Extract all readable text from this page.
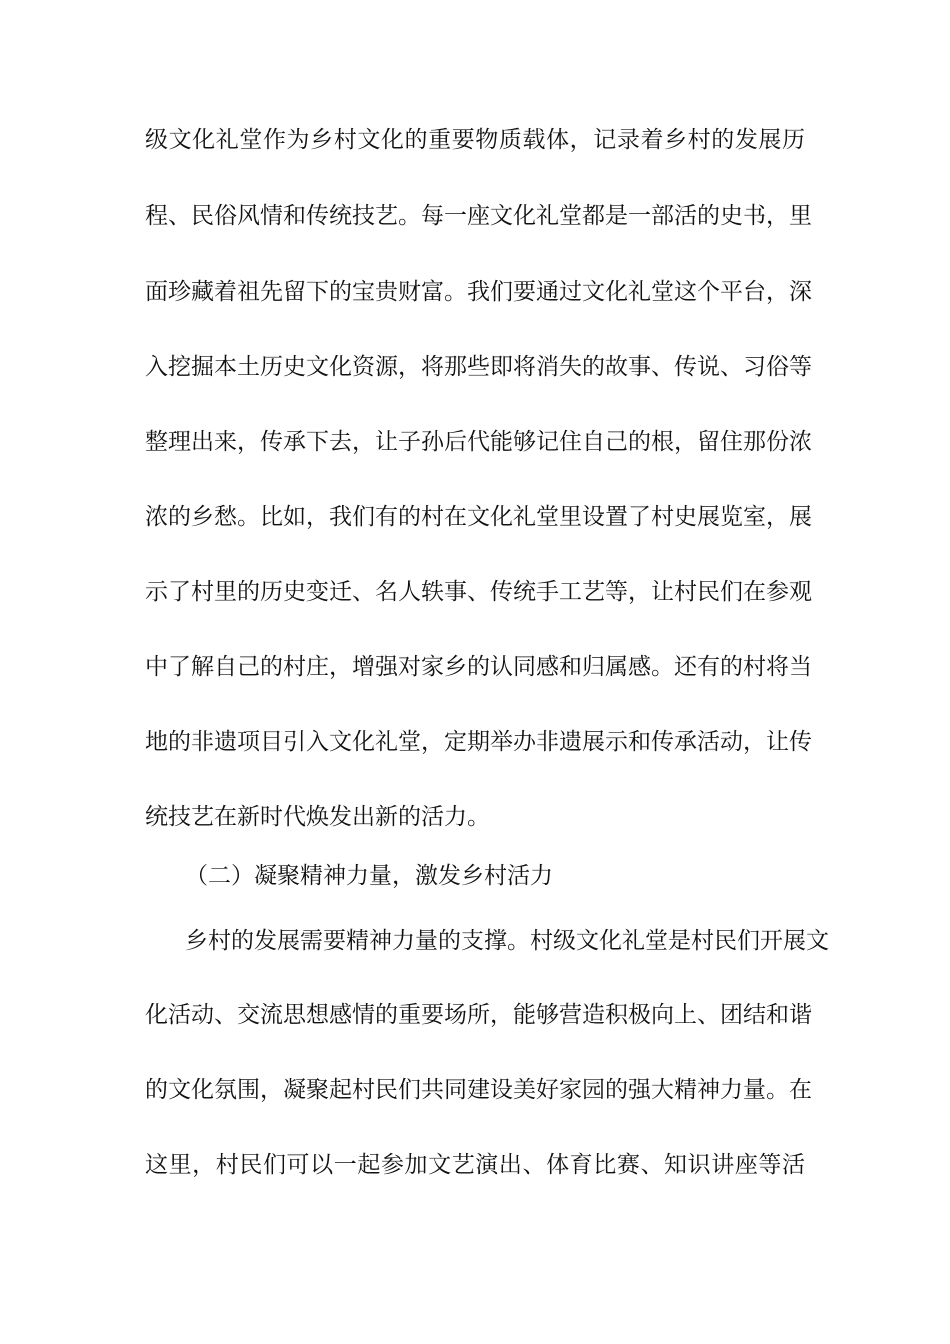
级文化礼堂作为乡村文化的重要物质载体，记录着乡村的发展历
程、民俗风情和传统技艺。每一座文化礼堂都是一部活的史书，里
面珍藏着祖先留下的宝贵财富。我们要通过文化礼堂这个平台，深
入挖掘本土历史文化资源，将那些即将消失的故事、传说、习俗等
整理出来，传承下去，让子孙后代能够记住自己的根，留住那份浓
浓的乡愁。比如，我们有的村在文化礼堂里设置了村史展览室，展
示了村里的历史变迁、名人轶事、传统手工艺等，让村民们在参观
中了解自己的村庄，增强对家乡的认同感和归属感。还有的村将当
地的非遗项目引入文化礼堂，定期举办非遗展示和传承活动，让传
统技艺在新时代焕发出新的活力。
（二）凝聚精神力量，激发乡村活力
乡村的发展需要精神力量的支撑。村级文化礼堂是村民们开展文
化活动、交流思想感情的重要场所，能够营造积极向上、团结和谐
的文化氛围，凝聚起村民们共同建设美好家园的强大精神力量。在
这里，村民们可以一起参加文艺演出、体育比赛、知识讲座等活
